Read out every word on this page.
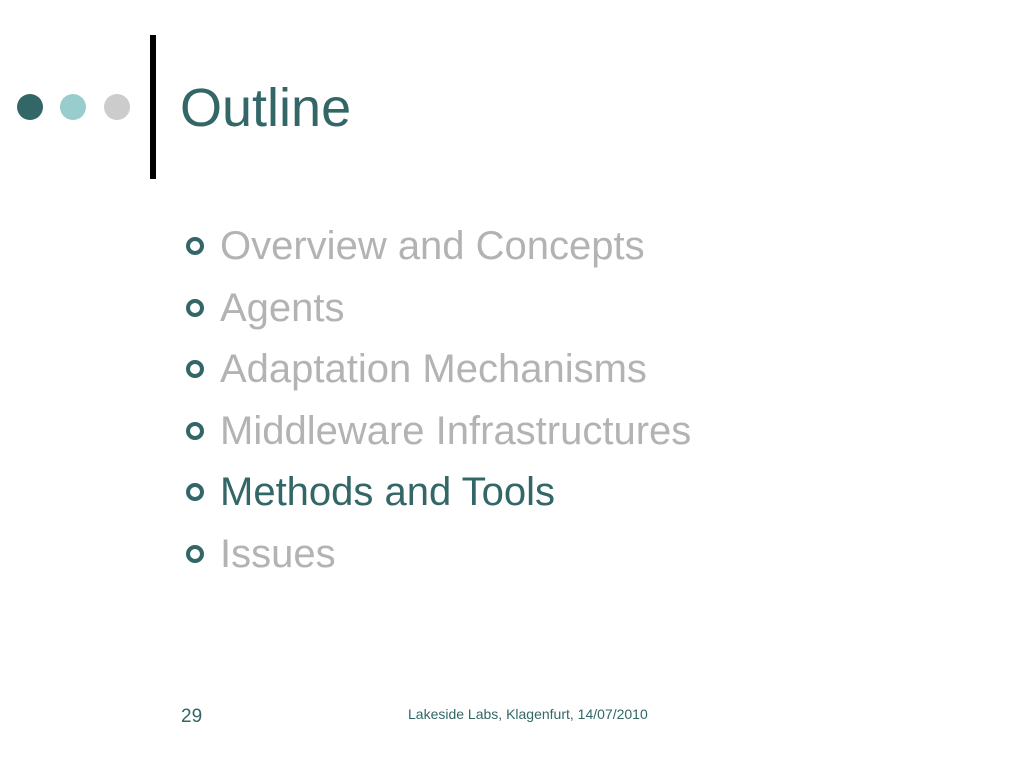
Outline
Overview and Concepts
Agents
Adaptation Mechanisms
Middleware Infrastructures
Methods and Tools
Issues
29	Lakeside Labs, Klagenfurt, 14/07/2010
